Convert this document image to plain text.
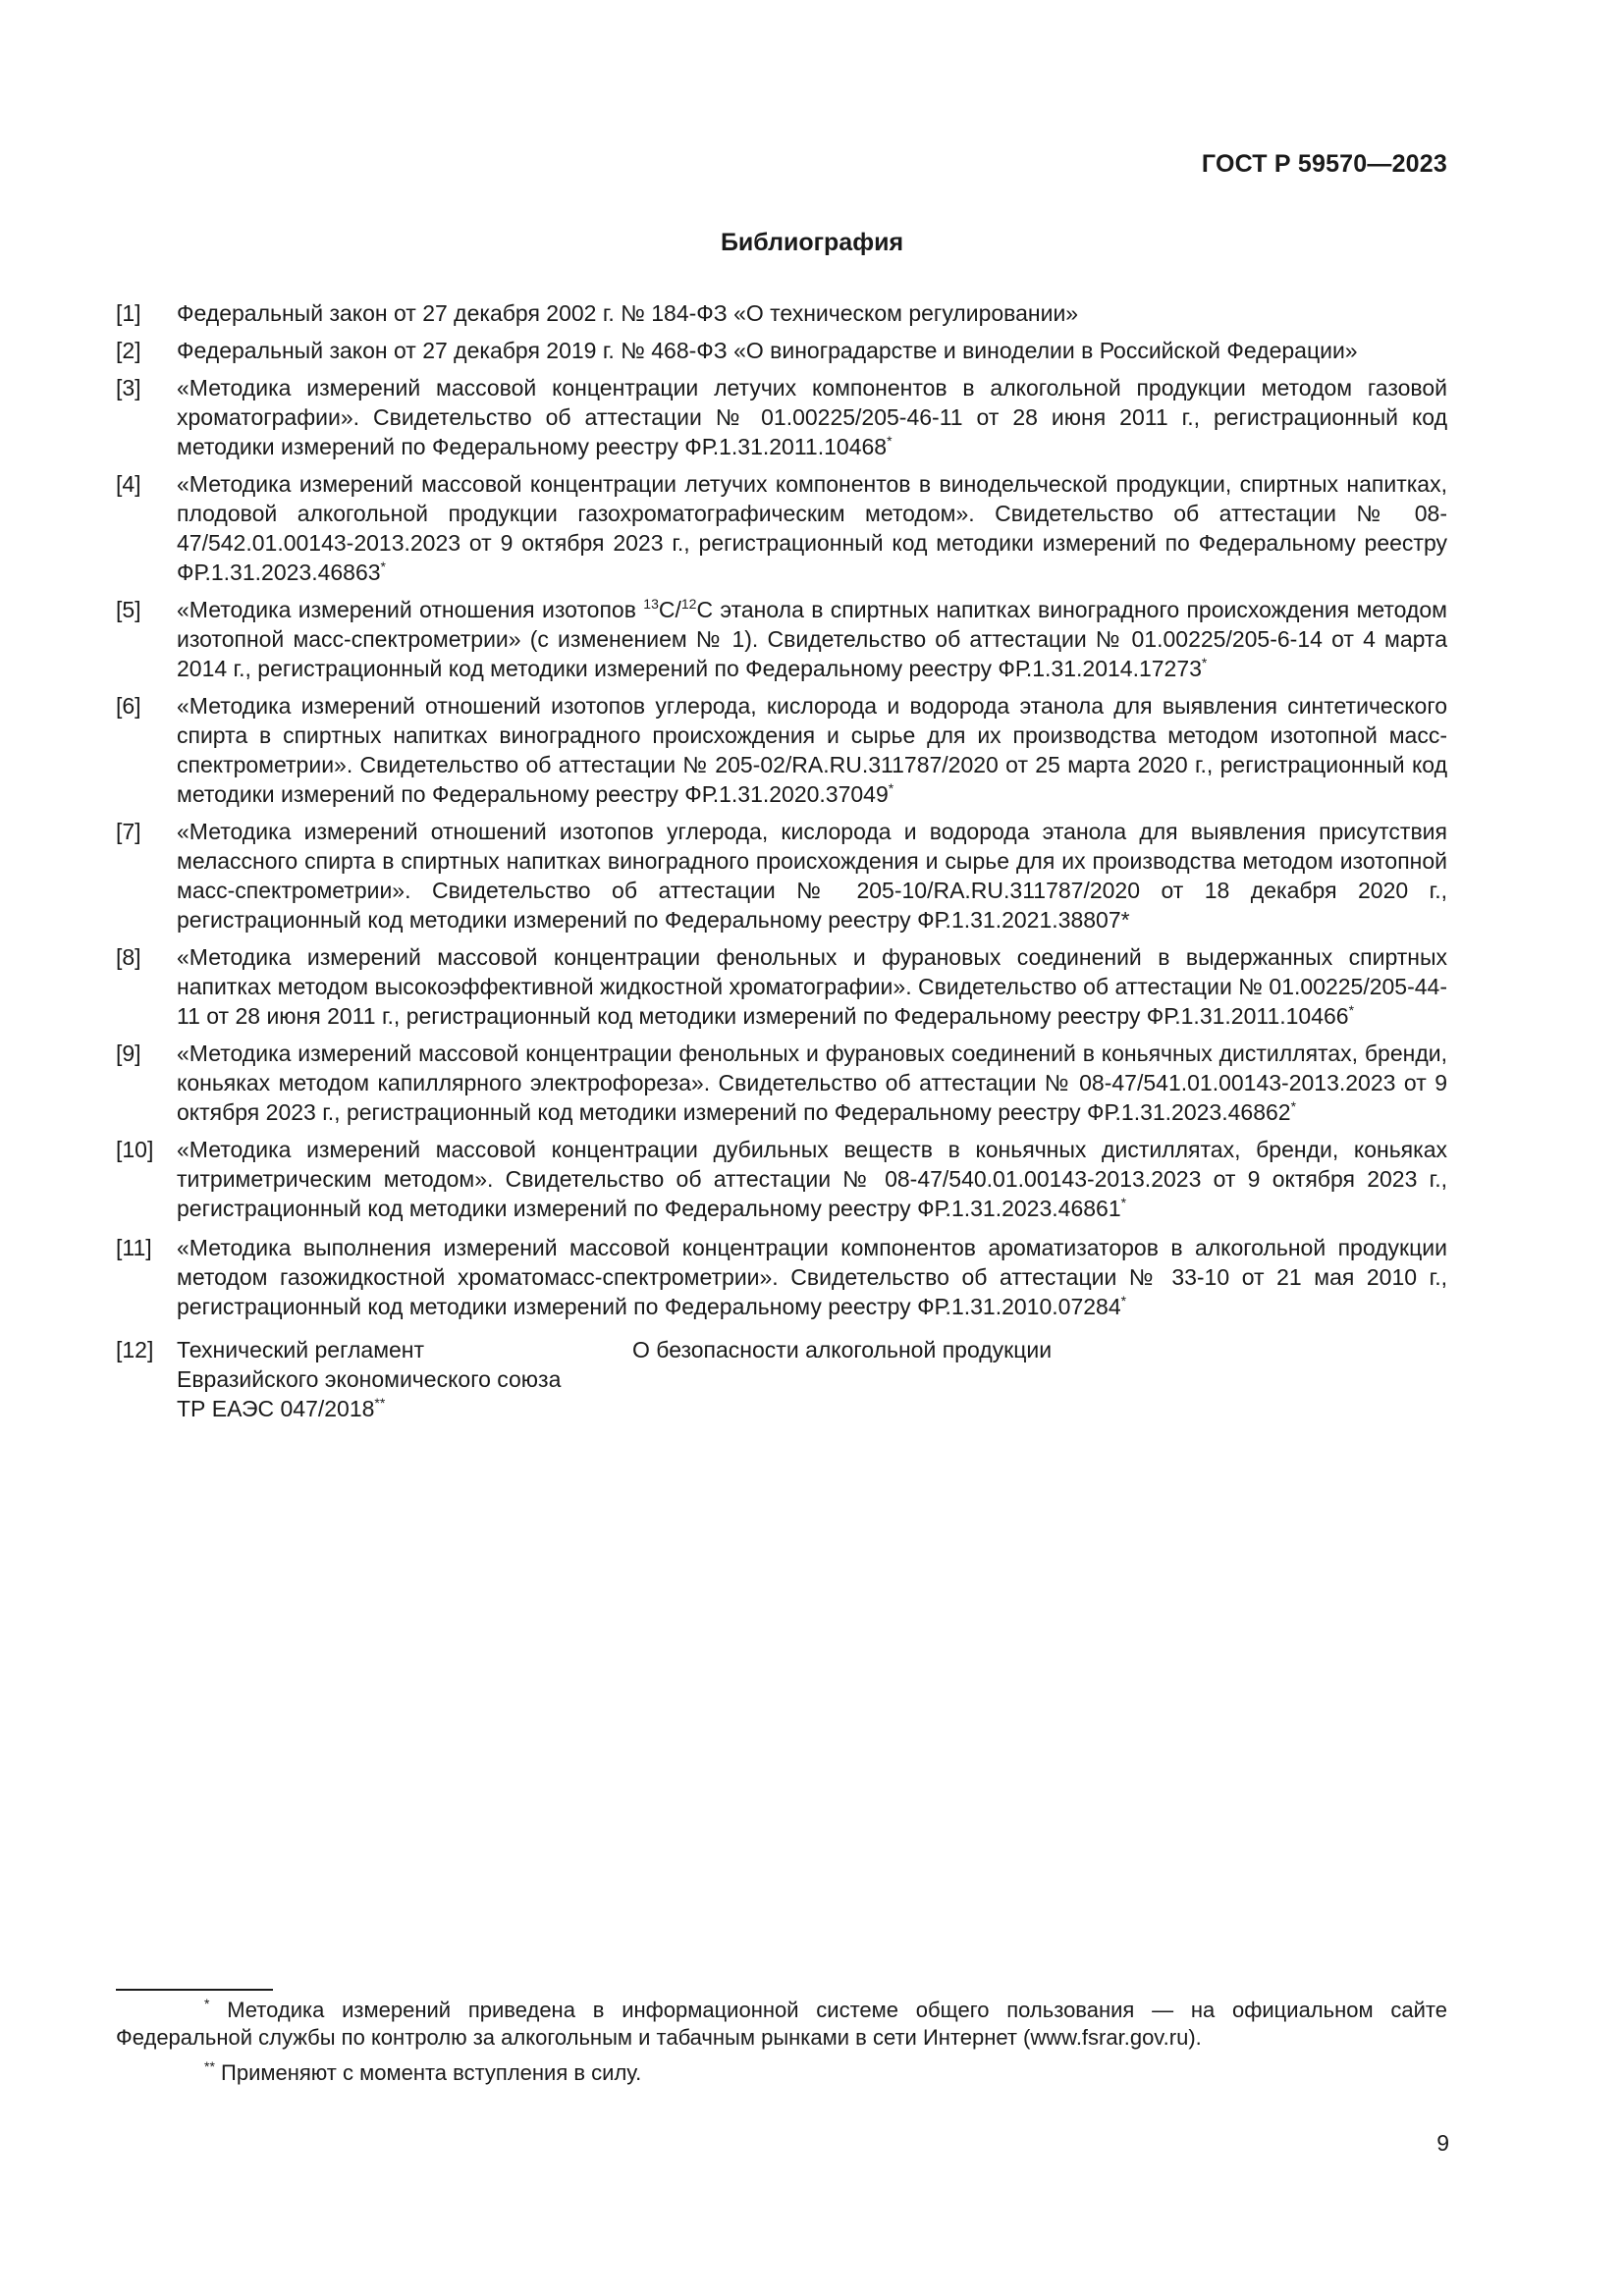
ГОСТ Р 59570—2023
Библиография
[1] Федеральный закон от 27 декабря 2002 г. № 184-ФЗ «О техническом регулировании»
[2] Федеральный закон от 27 декабря 2019 г. № 468-ФЗ «О виноградарстве и виноделии в Российской Федерации»
[3] «Методика измерений массовой концентрации летучих компонентов в алкогольной продукции методом газовой хроматографии». Свидетельство об аттестации № 01.00225/205-46-11 от 28 июня 2011 г., регистрационный код методики измерений по Федеральному реестру ФР.1.31.2011.10468*
[4] «Методика измерений массовой концентрации летучих компонентов в винодельческой продукции, спиртных напитках, плодовой алкогольной продукции газохроматографическим методом». Свидетельство об аттестации № 08-47/542.01.00143-2013.2023 от 9 октября 2023 г., регистрационный код методики измерений по Федеральному реестру ФР.1.31.2023.46863*
[5] «Методика измерений отношения изотопов $^{13}$C/$^{12}$C этанола в спиртных напитках виноградного происхождения методом изотопной масс-спектрометрии» (с изменением № 1). Свидетельство об аттестации № 01.00225/205-6-14 от 4 марта 2014 г., регистрационный код методики измерений по Федеральному реестру ФР.1.31.2014.17273*
[6] «Методика измерений отношений изотопов углерода, кислорода и водорода этанола для выявления синтетического спирта в спиртных напитках виноградного происхождения и сырье для их производства методом изотопной масс-спектрометрии». Свидетельство об аттестации № 205-02/RA.RU.311787/2020 от 25 марта 2020 г., регистрационный код методики измерений по Федеральному реестру ФР.1.31.2020.37049*
[7] «Методика измерений отношений изотопов углерода, кислорода и водорода этанола для выявления присутствия мелассного спирта в спиртных напитках виноградного происхождения и сырье для их производства методом изотопной масс-спектрометрии». Свидетельство об аттестации № 205-10/RA.RU.311787/2020 от 18 декабря 2020 г., регистрационный код методики измерений по Федеральному реестру ФР.1.31.2021.38807*
[8] «Методика измерений массовой концентрации фенольных и фурановых соединений в выдержанных спиртных напитках методом высокоэффективной жидкостной хроматографии». Свидетельство об аттестации № 01.00225/205-44-11 от 28 июня 2011 г., регистрационный код методики измерений по Федеральному реестру ФР.1.31.2011.10466*
[9] «Методика измерений массовой концентрации фенольных и фурановых соединений в коньячных дистиллятах, бренди, коньяках методом капиллярного электрофореза». Свидетельство об аттестации № 08-47/541.01.00143-2013.2023 от 9 октября 2023 г., регистрационный код методики измерений по Федеральному реестру ФР.1.31.2023.46862*
[10] «Методика измерений массовой концентрации дубильных веществ в коньячных дистиллятах, бренди, коньяках титриметрическим методом». Свидетельство об аттестации № 08-47/540.01.00143-2013.2023 от 9 октября 2023 г., регистрационный код методики измерений по Федеральному реестру ФР.1.31.2023.46861*
[11] «Методика выполнения измерений массовой концентрации компонентов ароматизаторов в алкогольной продукции методом газожидкостной хроматомасс-спектрометрии». Свидетельство об аттестации № 33-10 от 21 мая 2010 г., регистрационный код методики измерений по Федеральному реестру ФР.1.31.2010.07284*
[12] Технический регламент
Евразийского экономического союза
ТР ЕАЭС 047/2018**
О безопасности алкогольной продукции
* Методика измерений приведена в информационной системе общего пользования — на официальном сайте Федеральной службы по контролю за алкогольным и табачным рынками в сети Интернет (www.fsrar.gov.ru).
** Применяют с момента вступления в силу.
9
